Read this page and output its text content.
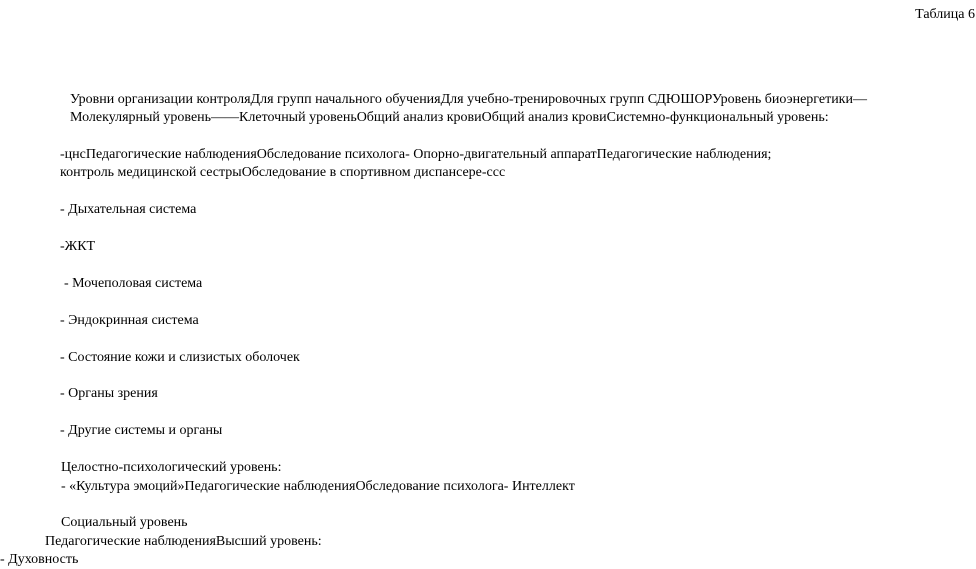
Таблица 6
Уровни организации контроляДля групп начального обученияДля учебно-тренировочных групп СДЮШОРУровень биоэнергетики—Молекулярный уровень——Клеточный уровеньОбщий анализ кровиОбщий анализ кровиСистемно-функциональный уровень:
-цнсПедагогические наблюденияОбследование психолога- Опорно-двигательный аппаратПедагогические наблюдения;
контроль медицинской сестрыОбследование в спортивном диспансере-ссс
- Дыхательная система
-ЖКТ
- Мочеполовая система
- Эндокринная система
- Состояние кожи и слизистых оболочек
- Органы зрения
- Другие системы и органы
Целостно-психологический уровень:
- «Культура эмоций»Педагогические наблюденияОбследование психолога- Интеллект
Социальный уровень
Педагогические наблюденияВысший уровень:
- Духовность
